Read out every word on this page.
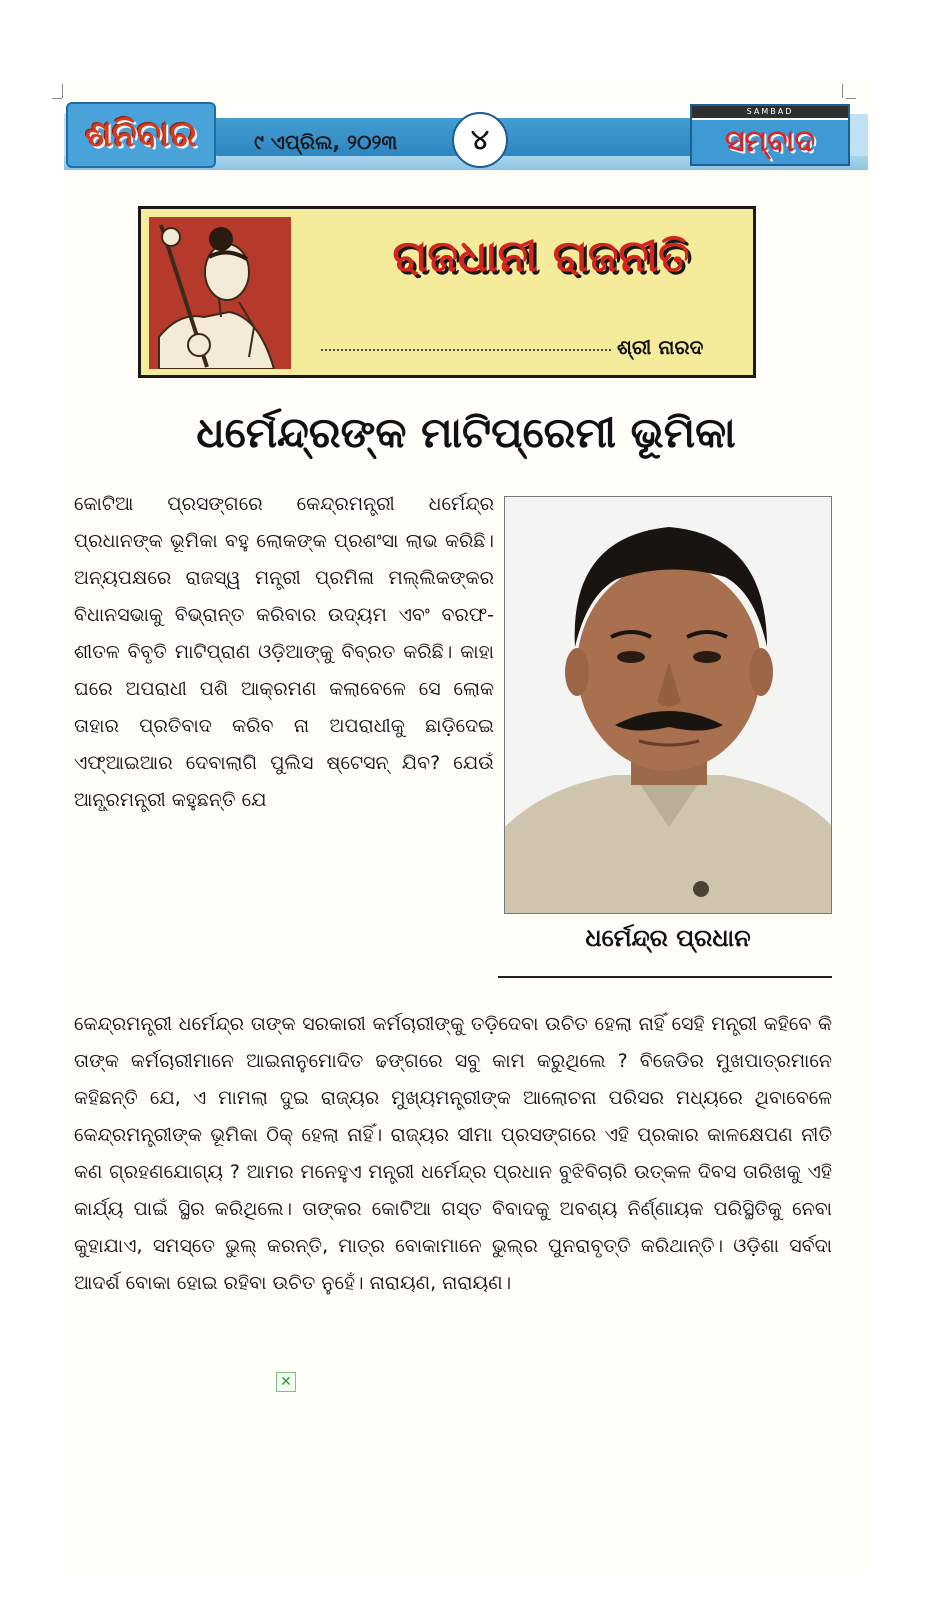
ଶନିବାର	୯ ଏପ୍ରିଲ, ୨୦୨୩	୪
SAMBAD
ସମ୍ବାଦ
ରାଜଧାନୀ ରାଜନୀତି
ଶ୍ରୀ ନାରଦ
ଧର୍ମେନ୍ଦ୍ରଙ୍କ ମାଟିପ୍ରେମୀ ଭୂମିକା
କୋଟିଆ ପ୍ରସଙ୍ଗରେ କେନ୍ଦ୍ରମନ୍ତ୍ରୀ ଧର୍ମେନ୍ଦ୍ର ପ୍ରଧାନଙ୍କ ଭୂମିକା ବହୁ ଲୋକଙ୍କ ପ୍ରଶଂସା ଲାଭ କରିଛି। ଅନ୍ୟପକ୍ଷରେ ରାଜସ୍ୱ ମନ୍ତ୍ରୀ ପ୍ରମିଳା ମଲ୍ଲିକଙ୍କର ବିଧାନସଭାକୁ ବିଭ୍ରାନ୍ତ କରିବାର ଉଦ୍ୟମ ଏବଂ ବରଫ-ଶୀତଳ ବିବୃତି ମାଟିପ୍ରାଣ ଓଡ଼ିଆଙ୍କୁ ବିବ୍ରତ କରିଛି। କାହା ଘରେ ଅପରାଧୀ ପଶି ଆକ୍ରମଣ କଲାବେଳେ ସେ ଲୋକ ତାହାର ପ୍ରତିବାଦ କରିବ ନା ଅପରାଧୀକୁ ଛାଡ଼ିଦେଇ ଏଫ୍ଆଇଆର ଦେବାଲାଗି ପୁଲିସ ଷ୍ଟେସନ୍ ଯିବ? ଯେଉଁ ଆନ୍ଧ୍ରମନ୍ତ୍ରୀ କହୁଛନ୍ତି ଯେ
ଧର୍ମେନ୍ଦ୍ର ପ୍ରଧାନ
କେନ୍ଦ୍ରମନ୍ତ୍ରୀ ଧର୍ମେନ୍ଦ୍ର ତାଙ୍କ ସରକାରୀ କର୍ମଚାରୀଙ୍କୁ ତଡ଼ିଦେବା ଉଚିତ ହେଲା ନାହିଁ ସେହି ମନ୍ତ୍ରୀ କହିବେ କି ତାଙ୍କ କର୍ମଚାରୀମାନେ ଆଇନାନୁମୋଦିତ ଢଙ୍ଗରେ ସବୁ କାମ କରୁଥିଲେ ? ବିଜେଡିର ମୁଖପାତ୍ରମାନେ କହିଛନ୍ତି ଯେ, ଏ ମାମଲା ଦୁଇ ରାଜ୍ୟର ମୁଖ୍ୟମନ୍ତ୍ରୀଙ୍କ ଆଲୋଚନା ପରିସର ମଧ୍ୟରେ ଥିବାବେଳେ କେନ୍ଦ୍ରମନ୍ତ୍ରୀଙ୍କ ଭୂମିକା ଠିକ୍ ହେଲା ନାହିଁ। ରାଜ୍ୟର ସୀମା ପ୍ରସଙ୍ଗରେ ଏହି ପ୍ରକାର କାଳକ୍ଷେପଣ ନୀତି କଣ ଗ୍ରହଣଯୋଗ୍ୟ ? ଆମର ମନେହୁଏ ମନ୍ତ୍ରୀ ଧର୍ମେନ୍ଦ୍ର ପ୍ରଧାନ ବୁଝିବିଚାରି ଉତ୍କଳ ଦିବସ ତାରିଖକୁ ଏହି କାର୍ଯ୍ୟ ପାଇଁ ସ୍ଥିର କରିଥିଲେ। ତାଙ୍କର କୋଟିଆ ଗସ୍ତ ବିବାଦକୁ ଅବଶ୍ୟ ନିର୍ଣ୍ଣାୟକ ପରିସ୍ଥିତିକୁ ନେବା କୁହାଯାଏ, ସମସ୍ତେ ଭୁଲ୍ କରନ୍ତି, ମାତ୍ର ବୋକାମାନେ ଭୁଲ୍‌ର ପୁନରାବୃତ୍ତି କରିଥାନ୍ତି। ଓଡ଼ିଶା ସର୍ବଦା ଆଦର୍ଶ ବୋକା ହୋଇ ରହିବା ଉଚିତ ନୁହେଁ। ନାରାୟଣ, ନାରାୟଣ।
✕
